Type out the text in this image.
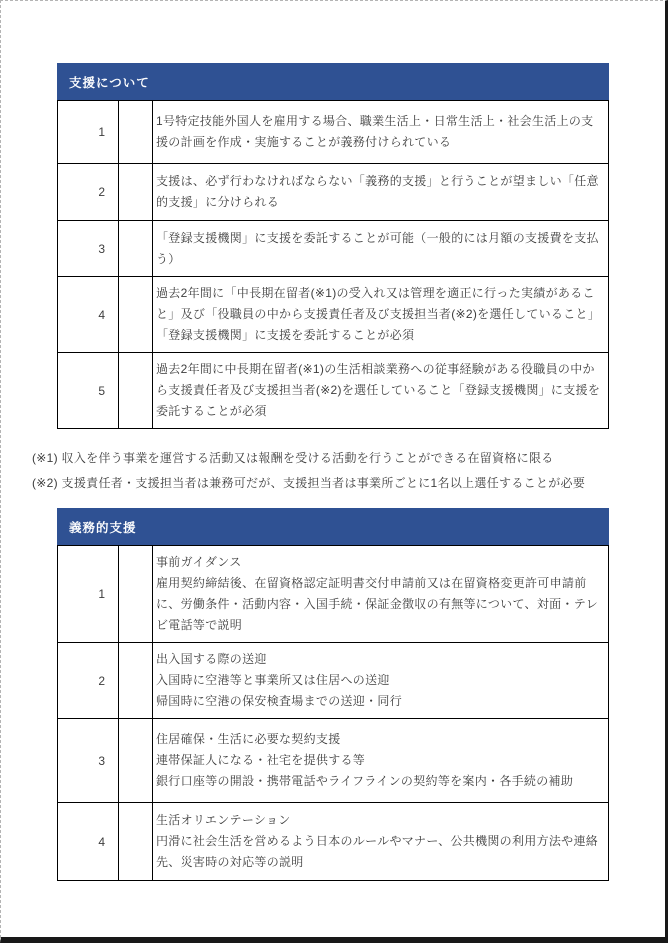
支援について
1		1号特定技能外国人を雇用する場合、職業生活上・日常生活上・社会生活上の支援の計画を作成・実施することが義務付けられている

2		支援は、必ず行わなければならない「義務的支援」と行うことが望ましい「任意的支援」に分けられる

3		「登録支援機関」に支援を委託することが可能（一般的には月額の支援費を支払う）

4		過去2年間に「中長期在留者(※1)の受入れ又は管理を適正に行った実績があること」及び「役職員の中から支援責任者及び支援担当者(※2)を選任していること」「登録支援機関」に支援を委託することが必須

5		過去2年間に中長期在留者(※1)の生活相談業務への従事経験がある役職員の中から支援責任者及び支援担当者(※2)を選任していること「登録支援機関」に支援を委託することが必須
(※1) 収入を伴う事業を運営する活動又は報酬を受ける活動を行うことができる在留資格に限る
(※2) 支援責任者・支援担当者は兼務可だが、支援担当者は事業所ごとに1名以上選任することが必要
義務的支援
1		事前ガイダンス
雇用契約締結後、在留資格認定証明書交付申請前又は在留資格変更許可申請前に、労働条件・活動内容・入国手続・保証金徴収の有無等について、対面・テレビ電話等で説明

2		出入国する際の送迎
入国時に空港等と事業所又は住居への送迎
帰国時に空港の保安検査場までの送迎・同行

3		住居確保・生活に必要な契約支援
連帯保証人になる・社宅を提供する等
銀行口座等の開設・携帯電話やライフラインの契約等を案内・各手続の補助

4		生活オリエンテーション
円滑に社会生活を営めるよう日本のルールやマナー、公共機関の利用方法や連絡先、災害時の対応等の説明
